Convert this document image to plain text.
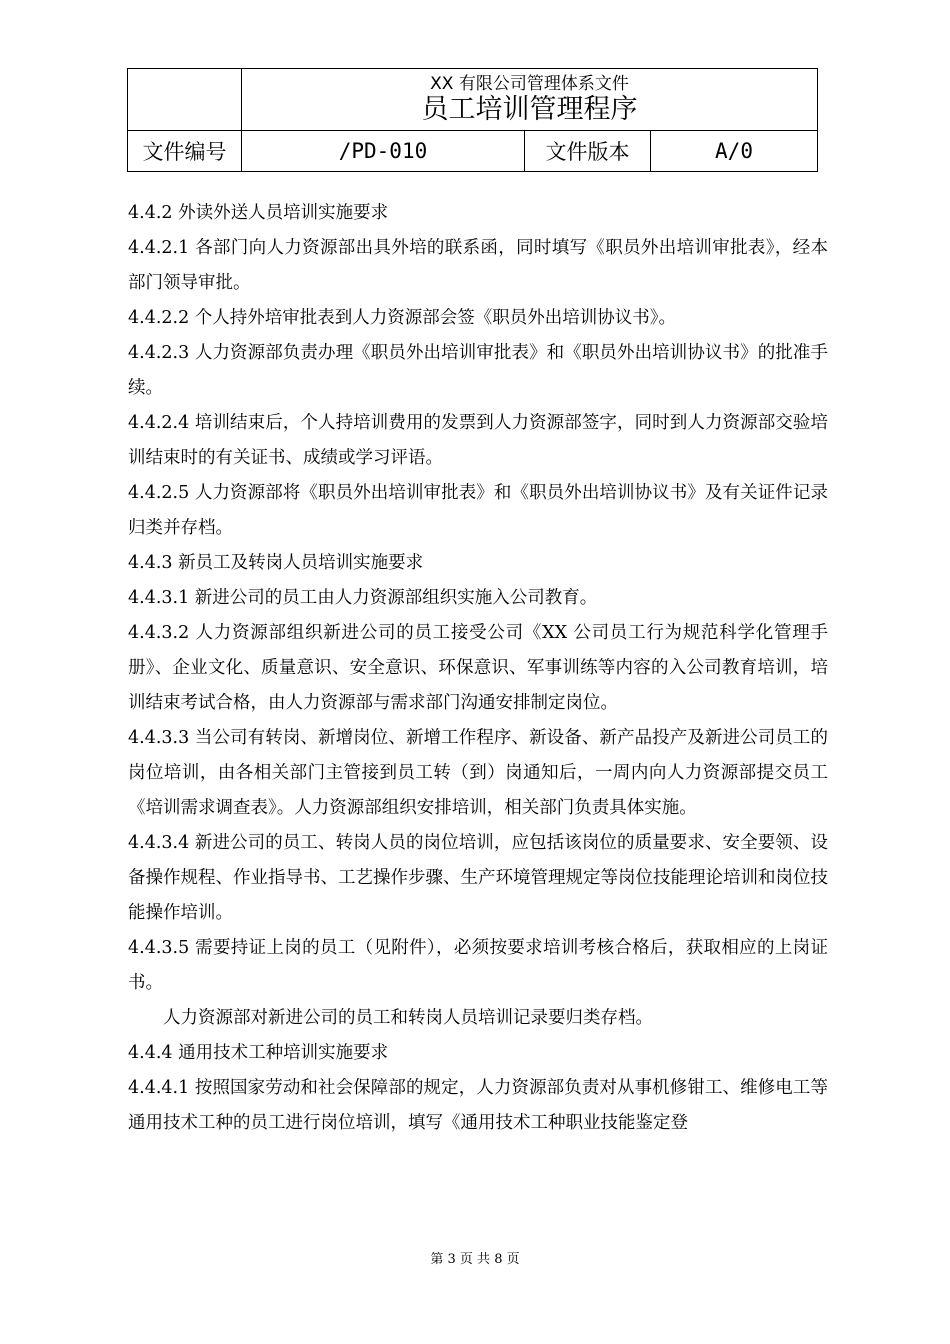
	XX 有限公司管理体系文件
员工培训管理程序		

文件编号	/PD-010	文件版本	A/0

4.4.2 外读外送人员培训实施要求

4.4.2.1 各部门向人力资源部出具外培的联系函，同时填写《职员外出培训审批表》，经本部门领导审批。

4.4.2.2 个人持外培审批表到人力资源部会签《职员外出培训协议书》。

4.4.2.3 人力资源部负责办理《职员外出培训审批表》和《职员外出培训协议书》的批准手续。

4.4.2.4 培训结束后，个人持培训费用的发票到人力资源部签字，同时到人力资源部交验培训结束时的有关证书、成绩或学习评语。

4.4.2.5 人力资源部将《职员外出培训审批表》和《职员外出培训协议书》及有关证件记录归类并存档。

4.4.3 新员工及转岗人员培训实施要求

4.4.3.1 新进公司的员工由人力资源部组织实施入公司教育。

4.4.3.2 人力资源部组织新进公司的员工接受公司《XX 公司员工行为规范科学化管理手册》、企业文化、质量意识、安全意识、环保意识、军事训练等内容的入公司教育培训，培训结束考试合格，由人力资源部与需求部门沟通安排制定岗位。

4.4.3.3 当公司有转岗、新增岗位、新增工作程序、新设备、新产品投产及新进公司员工的岗位培训，由各相关部门主管接到员工转（到）岗通知后，一周内向人力资源部提交员工《培训需求调查表》。人力资源部组织安排培训，相关部门负责具体实施。

4.4.3.4 新进公司的员工、转岗人员的岗位培训，应包括该岗位的质量要求、安全要领、设备操作规程、作业指导书、工艺操作步骤、生产环境管理规定等岗位技能理论培训和岗位技能操作培训。

4.4.3.5 需要持证上岗的员工（见附件），必须按要求培训考核合格后，获取相应的上岗证书。

人力资源部对新进公司的员工和转岗人员培训记录要归类存档。

4.4.4 通用技术工种培训实施要求

4.4.4.1 按照国家劳动和社会保障部的规定，人力资源部负责对从事机修钳工、维修电工等通用技术工种的员工进行岗位培训，填写《通用技术工种职业技能鉴定登

第 3 页 共 8 页
